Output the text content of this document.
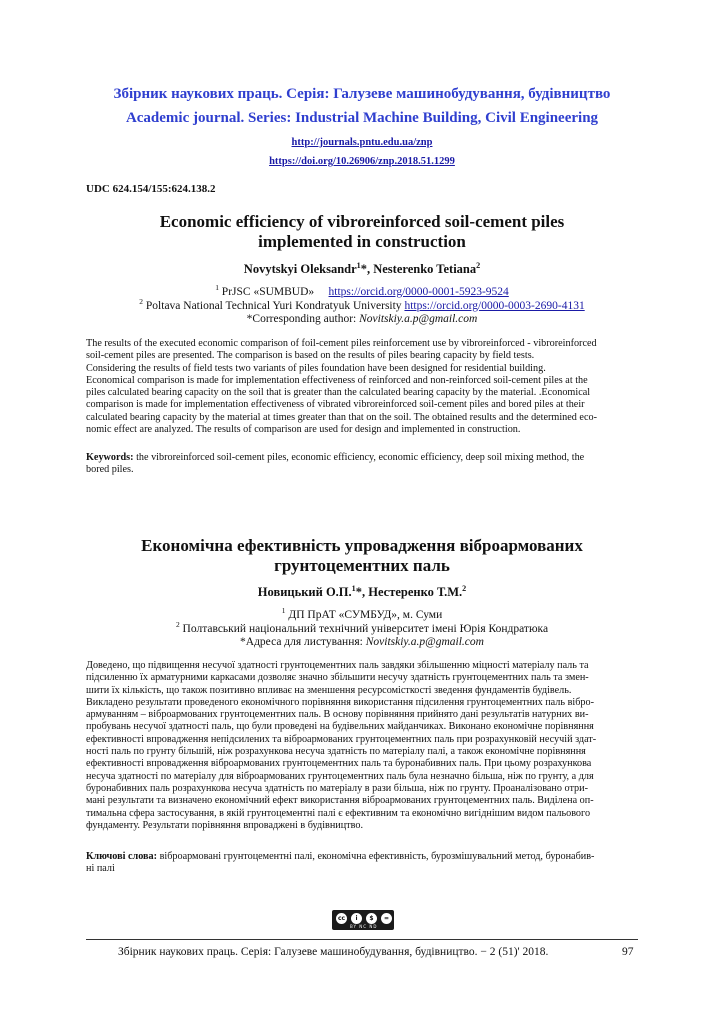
Збірник наукових праць. Серія: Галузеве машинобудування, будівництво
Academic journal. Series: Industrial Machine Building, Civil Engineering
http://journals.pntu.edu.ua/znp
https://doi.org/10.26906/znp.2018.51.1299
UDC 624.154/155:624.138.2
Economic efficiency of vibroreinforced soil-cement piles
implemented in construction
Novytskyi Oleksandr$^1$*, Nesterenko Tetiana$^2$
$^1$ PrJSC «SUMBUD»     https://orcid.org/0000-0001-5923-9524
$^2$ Poltava National Technical Yuri Kondratyuk University https://orcid.org/0000-0003-2690-4131
*Corresponding author: Novitskiy.a.p@gmail.com
The results of the executed economic comparison of foil-cement piles reinforcement use by vibroreinforced - vibroreinforced
soil-cement piles are presented. The comparison is based on the results of piles bearing capacity by field tests.
Considering the results of field tests two variants of piles foundation have been designed for residential building.
Economical comparison is made for implementation effectiveness of reinforced and non-reinforced soil-cement piles at the
piles calculated bearing capacity on the soil that is greater than the calculated bearing capacity by the material. .Economical
comparison is made for implementation effectiveness of vibrated vibroreinforced soil-cement piles and bored piles at their
calculated bearing capacity by the material at times greater than that on the soil. The obtained results and the determined eco-
nomic effect are analyzed. The results of comparison are used for design and implemented in construction.
Keywords: the vibroreinforced soil-cement piles, economic efficiency, economic efficiency, deep soil mixing method, the
bored piles.
Економічна ефективність упровадження віброармованих
грунтоцементних паль
Новицький О.П.$^1$*, Нестеренко Т.М.$^2$
$^1$ ДП ПрАТ «СУМБУД», м. Суми
$^2$ Полтавський національний технічний університет імені Юрія Кондратюка
*Адреса для листування: Novitskiy.a.p@gmail.com
Доведено, що підвищення несучої здатності грунтоцементних паль завдяки збільшенню міцності матеріалу паль та
підсиленню їх арматурними каркасами дозволяє значно збільшити несучу здатність грунтоцементних паль та змен-
шити їх кількість, що також позитивно впливає на зменшення ресурсомісткості зведення фундаментів будівель.
Викладено результати проведеного економічного порівняння використання підсилення грунтоцементних паль вібро-
армуванням – віброармованих грунтоцементних паль. В основу порівняння прийнято дані результатів натурних ви-
пробувань несучої здатності паль, що були проведені на будівельних майданчиках. Виконано економічне порівняння
ефективності впровадження непідсилених та віброармованих грунтоцементних паль при розрахунковій несучій здат-
ності паль по грунту більшій, ніж розрахункова несуча здатність по матеріалу палі, а також економічне порівняння
ефективності впровадження віброармованих грунтоцементних паль та буронабивних паль. При цьому розрахункова
несуча здатності по матеріалу для віброармованих грунтоцементних паль була незначно більша, ніж по грунту, а для
буронабивних паль розрахункова несуча здатність по матеріалу в рази більша, ніж по грунту. Проаналізовано отри-
мані результати та визначено економічний ефект використання віброармованих грунтоцементних паль. Виділена оп-
тимальна сфера застосування, в якій грунтоцементні палі є ефективним та економічно вигіднішим видом пальового
фундаменту. Результати порівняння впроваджені в будівництво.
Ключові слова: віброармовані грунтоцементні палі, економічна ефективність, бурозмішувальний метод, буронабив-
ні палі
cc	i	$	=
BY NC ND
Збірник наукових праць. Серія: Галузеве машинобудування, будівництво. − 2 (51)' 2018.	97
